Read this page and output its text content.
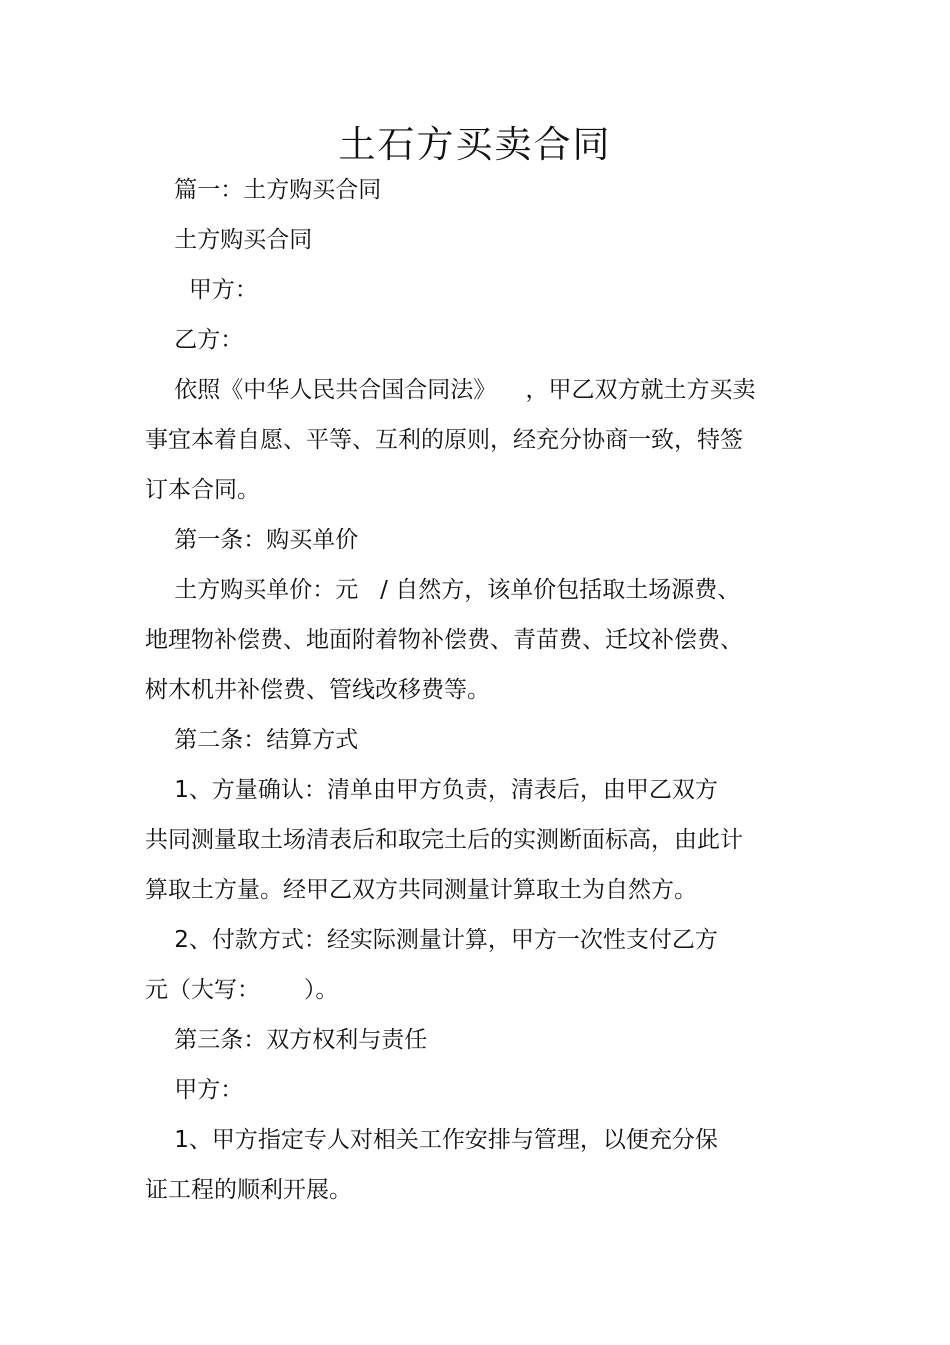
土石方买卖合同
篇一：土方购买合同
土方购买合同
甲方：
乙方：
依照《中华人民共合国合同法》    ，甲乙双方就土方买卖
事宜本着自愿、平等、互利的原则，经充分协商一致，特签
订本合同。
第一条：购买单价
土方购买单价：元   / 自然方，该单价包括取土场源费、
地理物补偿费、地面附着物补偿费、青苗费、迁坟补偿费、
树木机井补偿费、管线改移费等。
第二条：结算方式
1、方量确认：清单由甲方负责，清表后，由甲乙双方
共同测量取土场清表后和取完土后的实测断面标高，由此计
算取土方量。经甲乙双方共同测量计算取土为自然方。
2、付款方式：经实际测量计算，甲方一次性支付乙方
元（大写：      ）。
第三条：双方权利与责任
甲方：
1、甲方指定专人对相关工作安排与管理，以便充分保
证工程的顺利开展。
